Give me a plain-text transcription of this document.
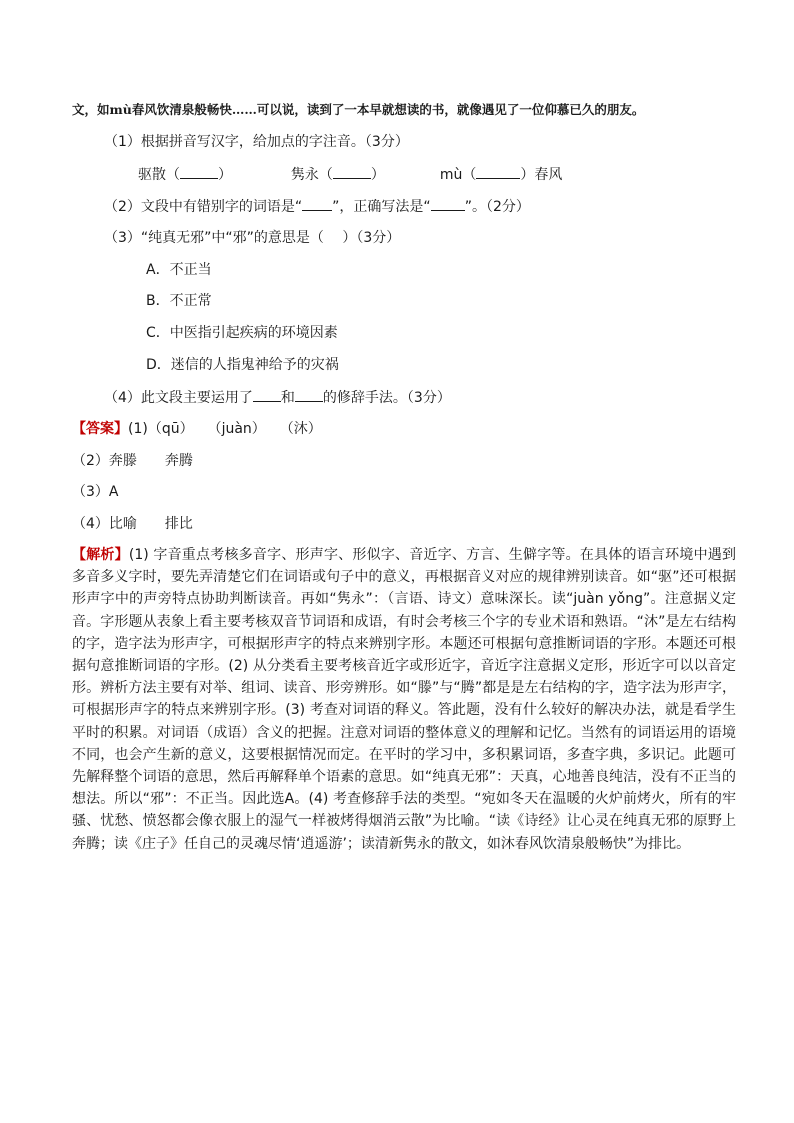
文，如mù春风饮清泉般畅快……可以说，读到了一本早就想读的书，就像遇见了一位仰慕已久的朋友。
（1）根据拼音写汉字，给加点的字注音。（3分）
驱散（	）	隽永（	）	mù（	）春风
（2）文段中有错别字的词语是“ ”，正确写法是“ ”。（2分）
（3）“纯真无邪”中“邪”的意思是（　 ）（3分）
A．不正当
B．不正常
C．中医指引起疾病的环境因素
D．迷信的人指鬼神给予的灾祸
（4）此文段主要运用了 和 的修辞手法。（3分）
【答案】(1)（qū）　　（juàn）　　（沐）
（2）奔滕　　奔腾
（3）A
（4）比喻　　排比

【解析】(1) 字音重点考核多音字、形声字、形似字、音近字、方言、生僻字等。在具体的语言环境中遇到多音多义字时，要先弄清楚它们在词语或句子中的意义，再根据音义对应的规律辨别读音。如“驱”还可根据形声字中的声旁特点协助判断读音。再如“隽永”：（言语、诗文）意味深长。读“juàn yǒng”。注意据义定音。字形题从表象上看主要考核双音节词语和成语，有时会考核三个字的专业术语和熟语。“沐”是左右结构的字，造字法为形声字，可根据形声字的特点来辨别字形。本题还可根据句意推断词语的字形。本题还可根据句意推断词语的字形。(2) 从分类看主要考核音近字或形近字，音近字注意据义定形，形近字可以以音定形。辨析方法主要有对举、组词、读音、形旁辨形。如“滕”与“腾”都是是左右结构的字，造字法为形声字，可根据形声字的特点来辨别字形。(3) 考查对词语的释义。答此题，没有什么较好的解决办法，就是看学生平时的积累。对词语（成语）含义的把握。注意对词语的整体意义的理解和记忆。当然有的词语运用的语境不同，也会产生新的意义，这要根据情况而定。在平时的学习中，多积累词语，多查字典，多识记。此题可先解释整个词语的意思，然后再解释单个语素的意思。如“纯真无邪”：天真，心地善良纯洁，没有不正当的想法。所以“邪”：不正当。因此选A。(4) 考查修辞手法的类型。“宛如冬天在温暖的火炉前烤火，所有的牢骚、忧愁、愤怒都会像衣服上的湿气一样被烤得烟消云散”为比喻。“读《诗经》让心灵在纯真无邪的原野上奔腾；读《庄子》任自己的灵魂尽情‘逍遥游’；读清新隽永的散文，如沐春风饮清泉般畅快”为排比。
